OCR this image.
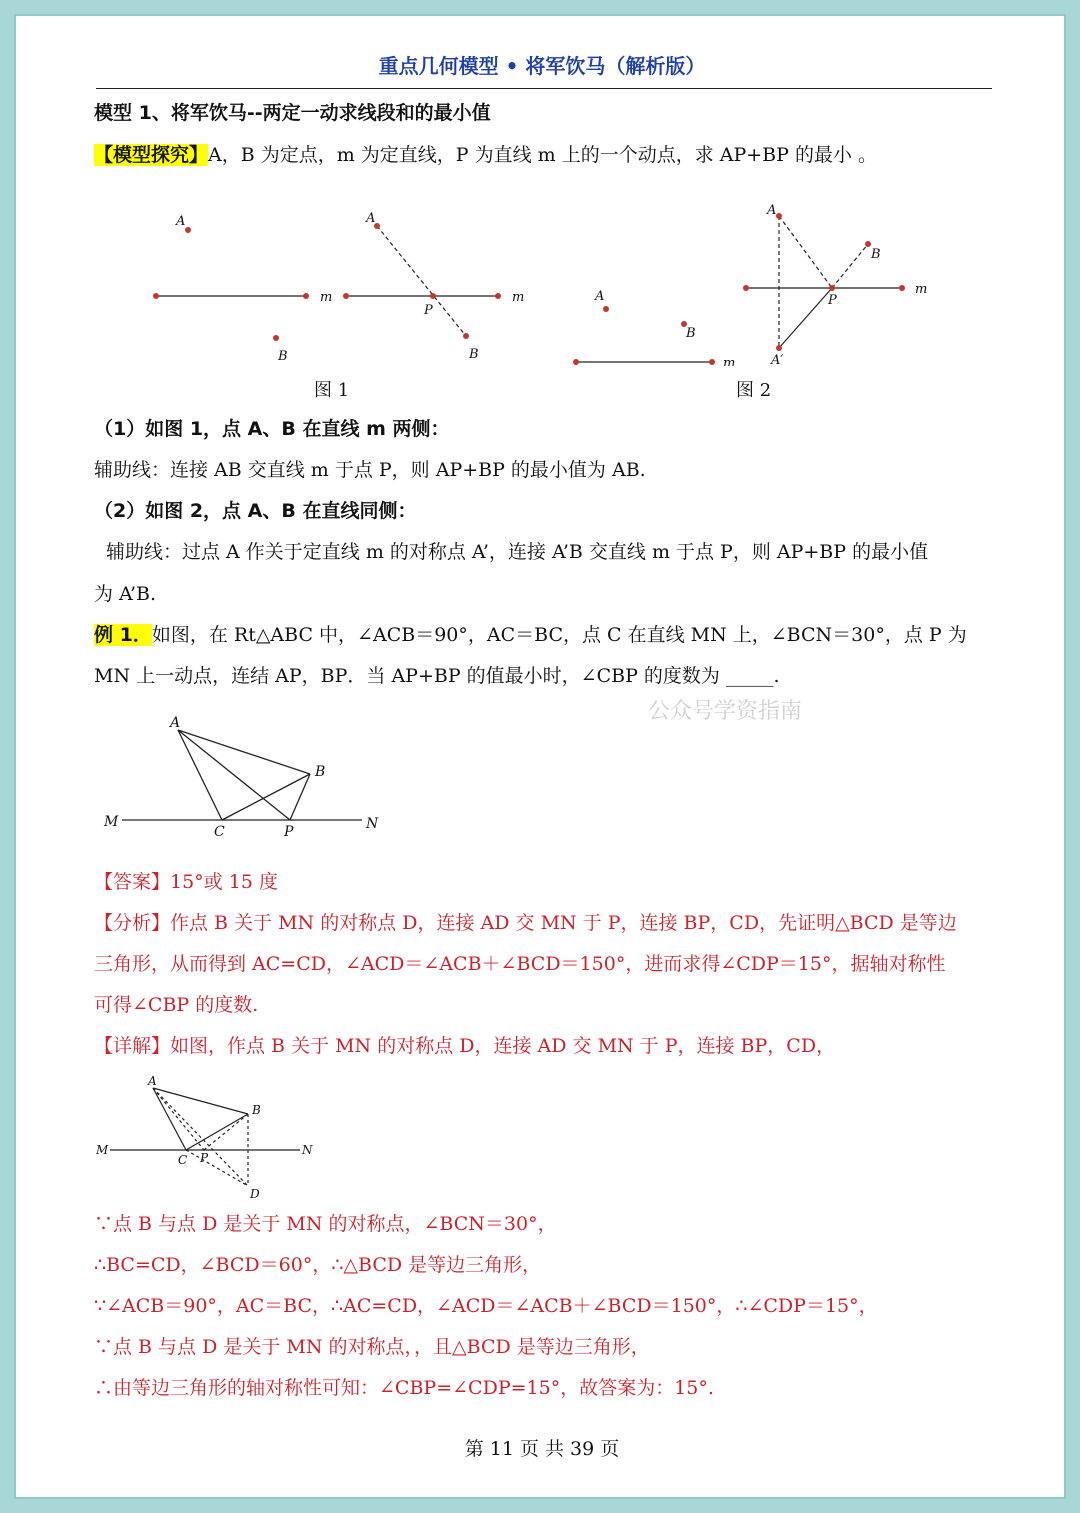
重点几何模型 • 将军饮马（解析版）
模型 1、将军饮马--两定一动求线段和的最小值
【模型探究】A，B 为定点，m 为定直线，P 为直线 m 上的一个动点，求 AP+BP 的最小 。
A
m
B
A
m
P
B
图 1
A
B
m
A
B
m
P
A′
图 2
（1）如图 1，点 A、B 在直线 m 两侧：
辅助线：连接 AB 交直线 m 于点 P，则 AP+BP 的最小值为 AB.
（2）如图 2，点 A、B 在直线同侧：
辅助线：过点 A 作关于定直线 m 的对称点 A’，连接 A’B 交直线 m 于点 P，则 AP+BP 的最小值
为 A’B.
例 1．如图，在 Rt△ABC 中，∠ACB＝90°，AC＝BC，点 C 在直线 MN 上，∠BCN＝30°，点 P 为
MN 上一动点，连结 AP，BP．当 AP+BP 的值最小时，∠CBP 的度数为 _____.
公众号学资指南
A
B
M	N
C	P
【答案】15°或 15 度
【分析】作点 B 关于 MN 的对称点 D，连接 AD 交 MN 于 P，连接 BP，CD，先证明△BCD 是等边
三角形，从而得到 AC=CD，∠ACD＝∠ACB＋∠BCD＝150°，进而求得∠CDP＝15°，据轴对称性
可得∠CBP 的度数.
【详解】如图，作点 B 关于 MN 的对称点 D，连接 AD 交 MN 于 P，连接 BP，CD，
A
B
M	N
C P
D
∵点 B 与点 D 是关于 MN 的对称点，∠BCN＝30°，
∴BC=CD，∠BCD＝60°，∴△BCD 是等边三角形，
∵∠ACB＝90°，AC＝BC，∴AC=CD，∠ACD＝∠ACB＋∠BCD＝150°，∴∠CDP＝15°，
∵点 B 与点 D 是关于 MN 的对称点，，且△BCD 是等边三角形，
∴由等边三角形的轴对称性可知：∠CBP=∠CDP=15°，故答案为：15°.
第 11 页 共 39 页
